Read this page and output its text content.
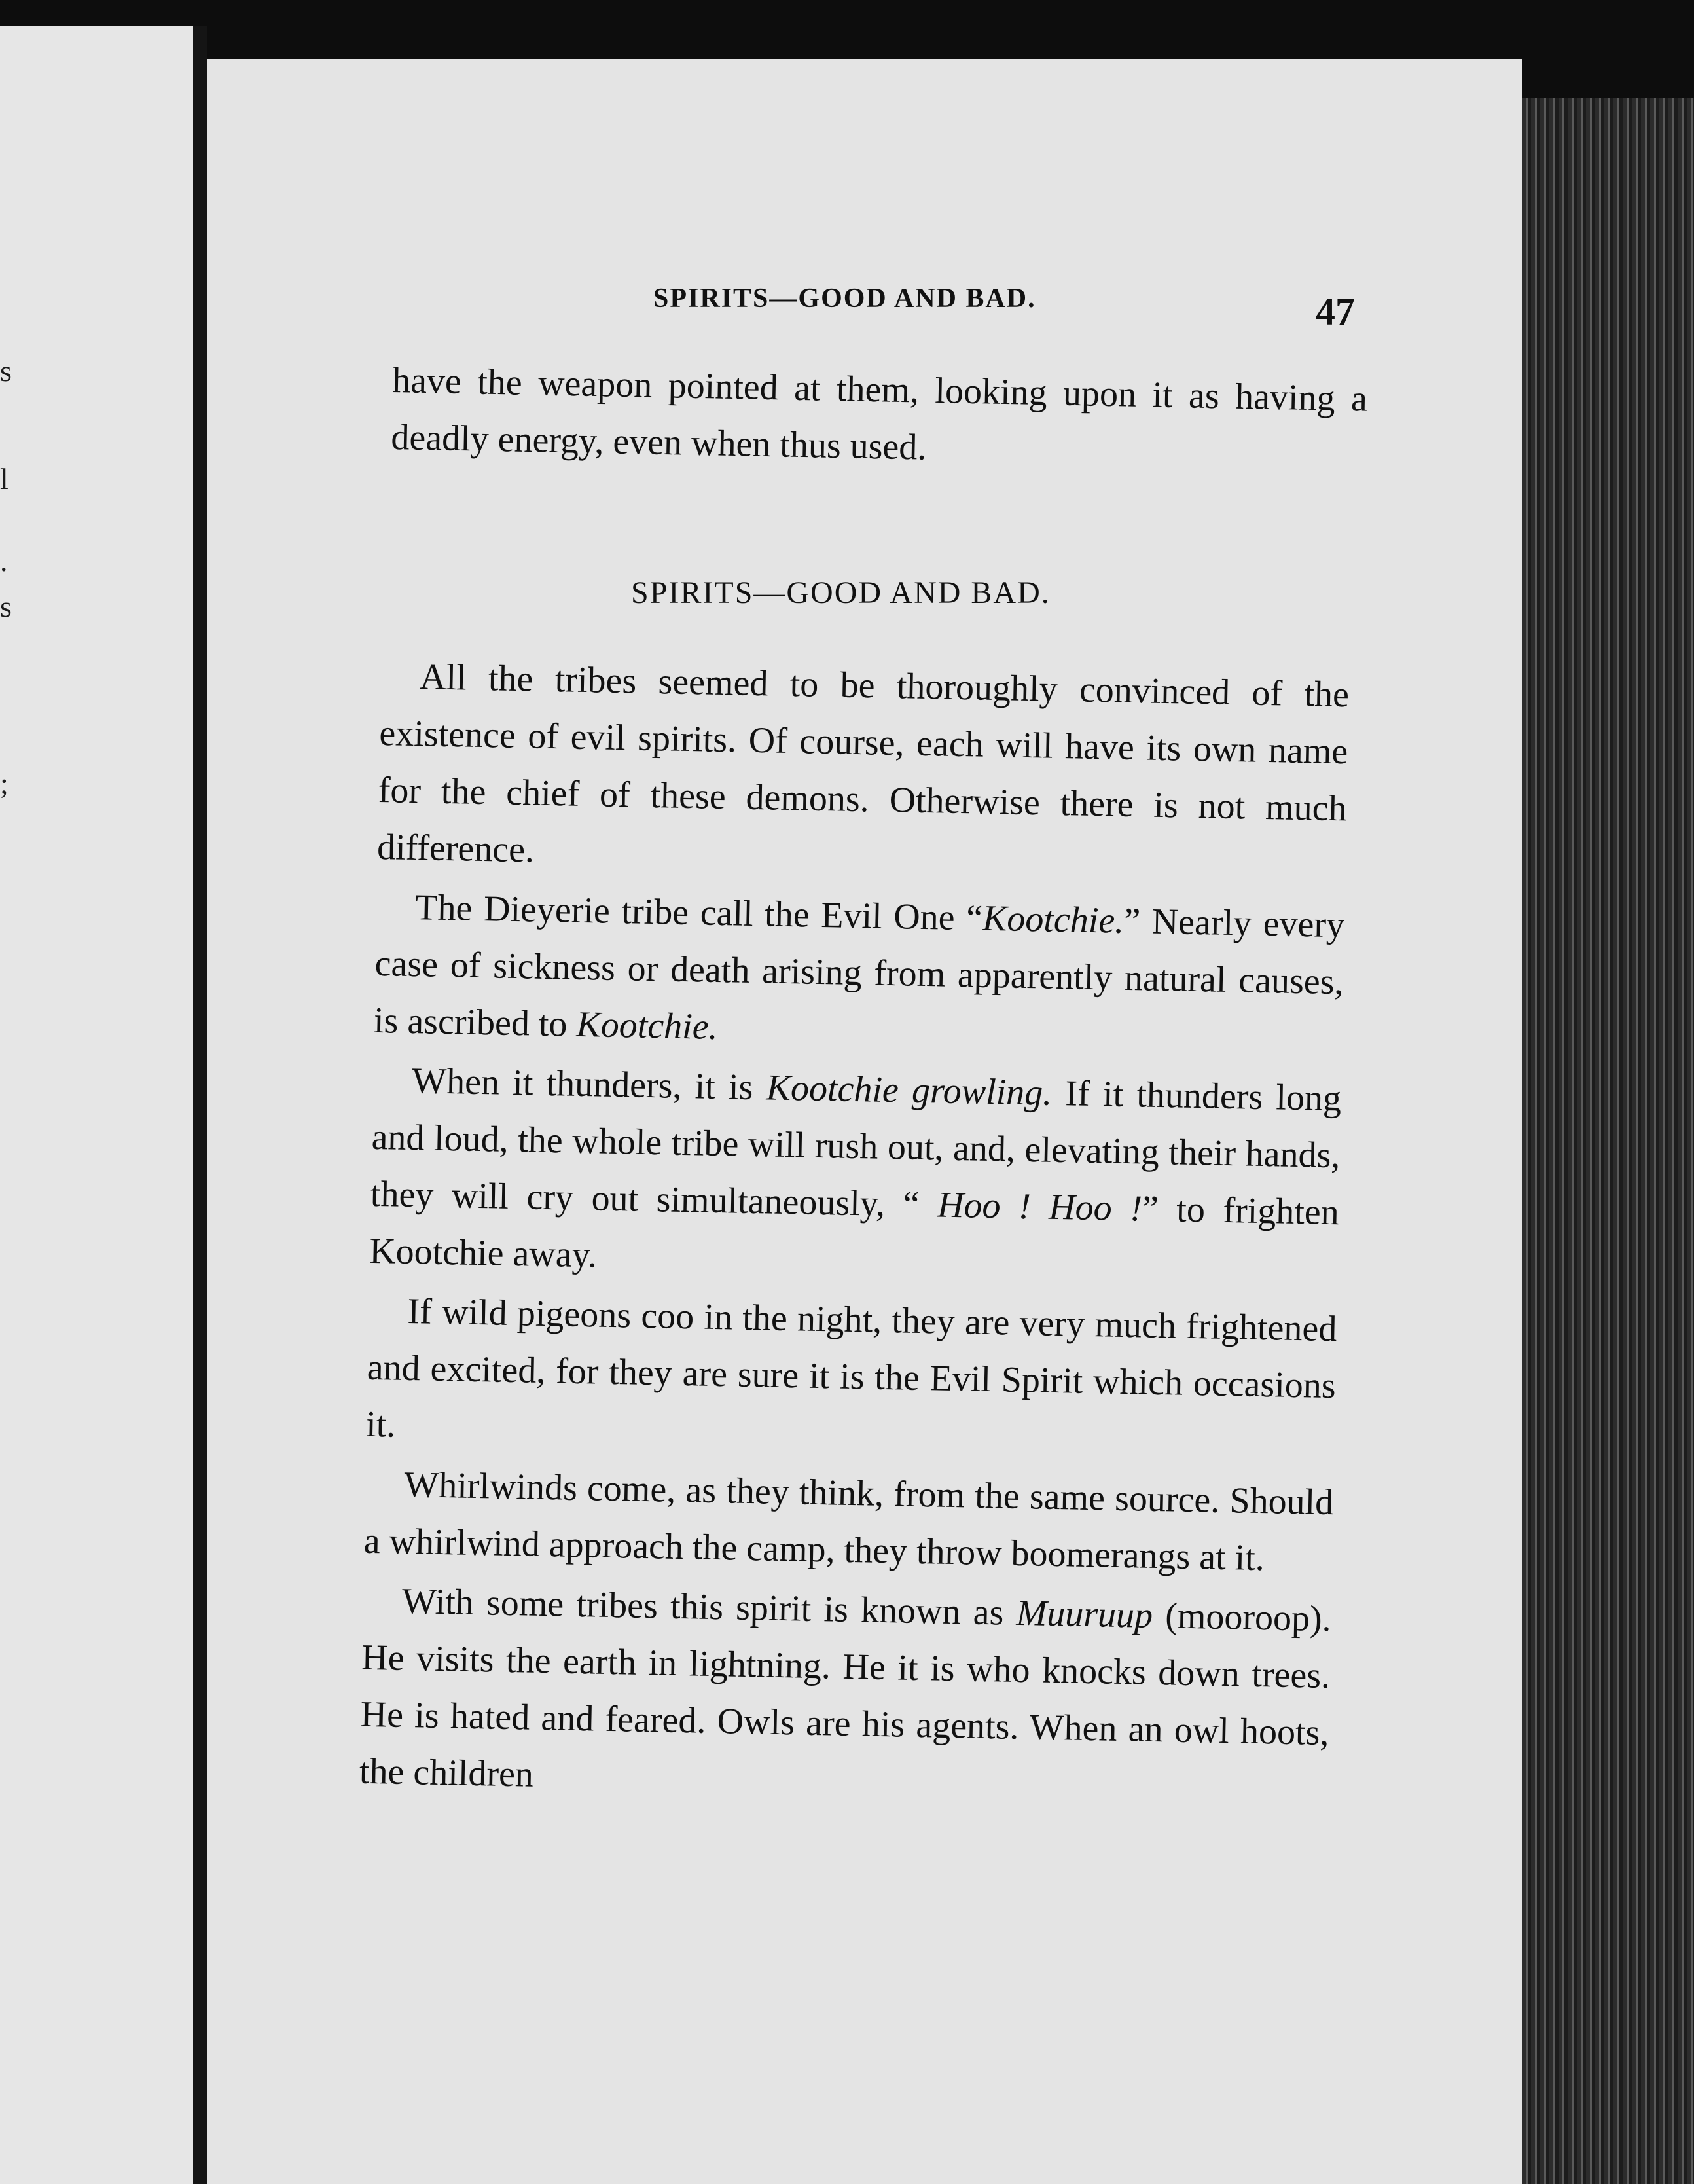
s
l
.
s
;
SPIRITS—GOOD AND BAD.	47

have the weapon pointed at them, looking upon it as having a deadly energy, even when thus used.

SPIRITS—GOOD AND BAD.

All the tribes seemed to be thoroughly convinced of the existence of evil spirits. Of course, each will have its own name for the chief of these demons. Otherwise there is not much difference.

The Dieyerie tribe call the Evil One “Kootchie.” Nearly every case of sickness or death arising from apparently natural causes, is ascribed to Kootchie.

When it thunders, it is Kootchie growling. If it thunders long and loud, the whole tribe will rush out, and, elevating their hands, they will cry out simultaneously, “ Hoo ! Hoo !” to frighten Kootchie away.

If wild pigeons coo in the night, they are very much frightened and excited, for they are sure it is the Evil Spirit which occasions it.

Whirlwinds come, as they think, from the same source. Should a whirlwind approach the camp, they throw boomerangs at it.

With some tribes this spirit is known as Muuruup (mooroop). He visits the earth in lightning. He it is who knocks down trees. He is hated and feared. Owls are his agents. When an owl hoots, the children
